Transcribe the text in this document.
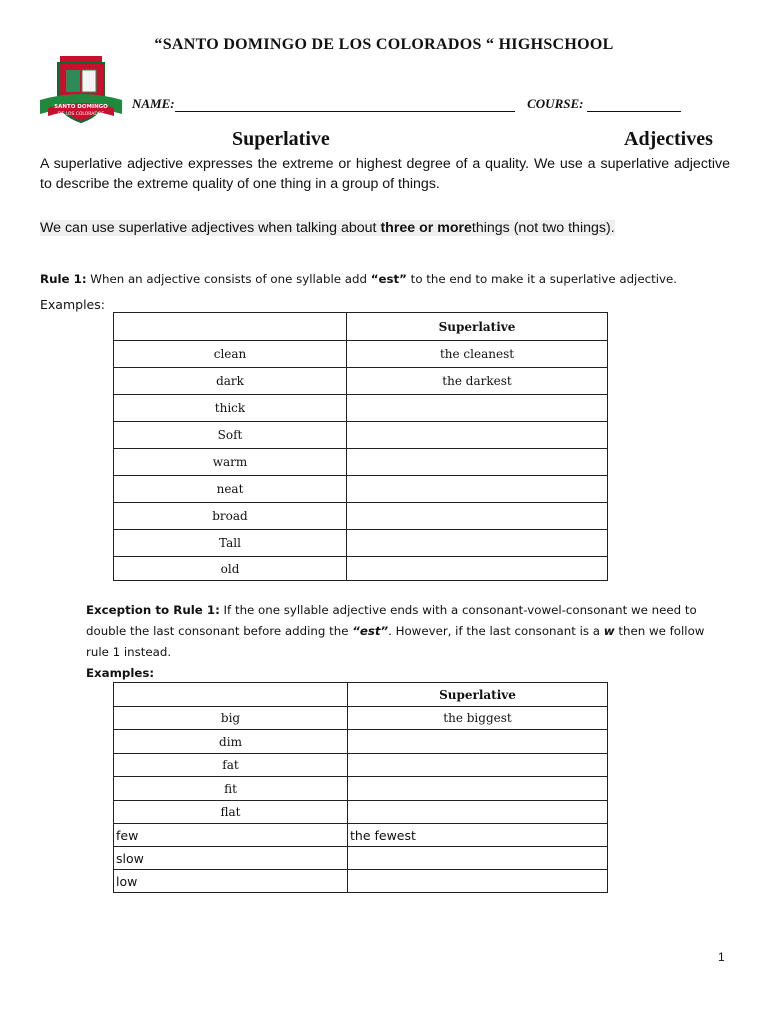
“SANTO DOMINGO DE LOS COLORADOS “ HIGHSCHOOL
SANTO DOMINGO
DE LOS COLORADOS
NAME:	COURSE:
Superlative	Adjectives
A superlative adjective expresses the extreme or highest degree of a quality. We use a superlative adjective to describe the extreme quality of one thing in a group of things.
We can use superlative adjectives when talking about three or morethings (not two things).
Rule 1: When an adjective consists of one syllable add “est” to the end to make it a superlative adjective.
Examples:
	Superlative
clean	the cleanest
dark	the darkest
thick	
Soft	
warm	
neat	
broad	
Tall	
old	
Exception to Rule 1: If the one syllable adjective ends with a consonant-vowel-consonant we need to double the last consonant before adding the “est”. However, if the last consonant is a w then we follow rule 1 instead.
Examples:
	Superlative
big	the biggest
dim	
fat	
fit	
flat	
few	the fewest
slow	
low	
1
